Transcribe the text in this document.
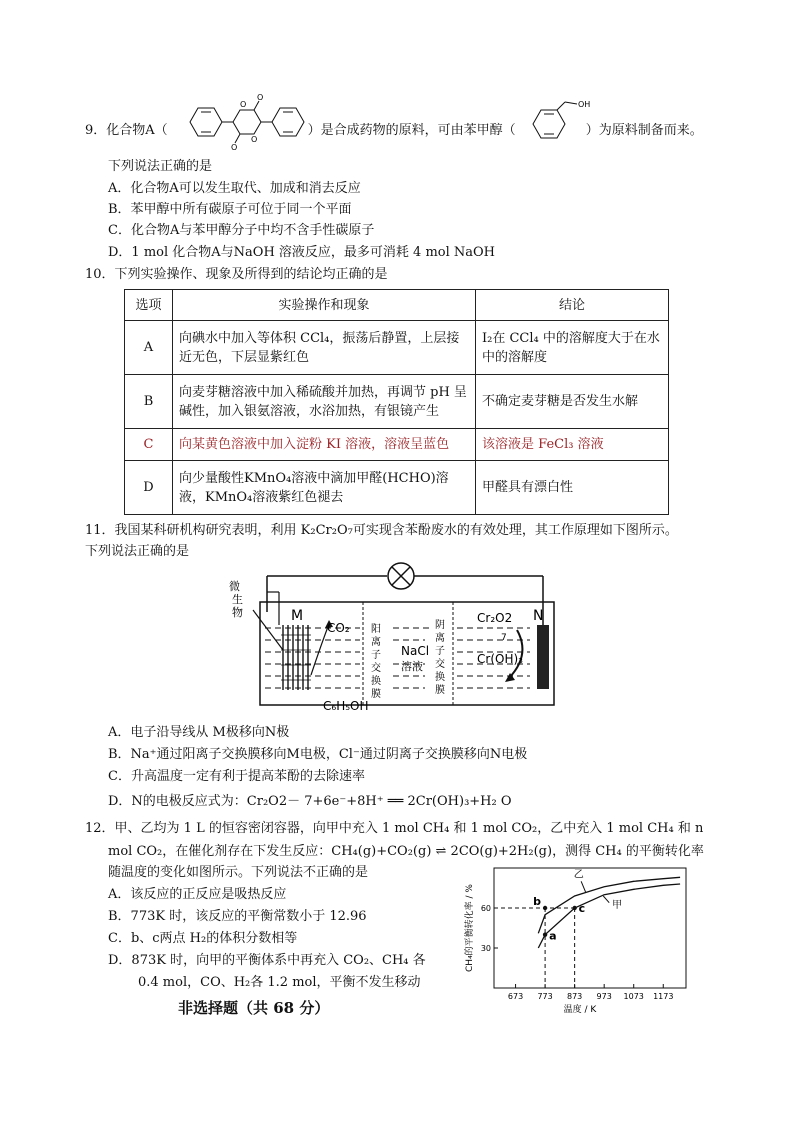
9．化合物A（	）是合成药物的原料，可由苯甲醇（	）为原料制备而来。
O
O
O
O
OH
下列说法正确的是
A．化合物A可以发生取代、加成和消去反应
B．苯甲醇中所有碳原子可位于同一个平面
C．化合物A与苯甲醇分子中均不含手性碳原子
D．1 mol 化合物A与NaOH 溶液反应，最多可消耗 4 mol NaOH
10．下列实验操作、现象及所得到的结论均正确的是
选项	实验操作和现象	结论
A	向碘水中加入等体积 CCl₄，振荡后静置，上层接近无色，下层显紫红色	I₂在 CCl₄ 中的溶解度大于在水中的溶解度
B	向麦芽糖溶液中加入稀硫酸并加热，再调节 pH 呈碱性，加入银氨溶液，水浴加热，有银镜产生	不确定麦芽糖是否发生水解
C	向某黄色溶液中加入淀粉 KI 溶液，溶液呈蓝色	该溶液是 FeCl₃ 溶液
D	向少量酸性KMnO₄溶液中滴加甲醛(HCHO)溶液，KMnO₄溶液紫红色褪去	甲醛具有漂白性
11．我国某科研机构研究表明，利用 K₂Cr₂O₇可实现含苯酚废水的有效处理，其工作原理如下图所示。
下列说法正确的是
微
生
物	M	N
CO₂
Cr₂O2
7
Cr(OH)₃
C₆H₅OH
NaCl
溶液
阳
离
子
交
换
膜
阴
离
子
交
换
膜
A．电子沿导线从 M极移向N极
B．Na⁺通过阳离子交换膜移向M电极，Cl⁻通过阴离子交换膜移向N电极
C．升高温度一定有利于提高苯酚的去除速率
D．N的电极反应式为：Cr₂O2－ 7+6e⁻+8H⁺ ══ 2Cr(OH)₃+H₂ O
12．甲、乙均为 1 L 的恒容密闭容器，向甲中充入 1 mol CH₄ 和 1 mol CO₂，乙中充入 1 mol CH₄ 和 n
mol CO₂，在催化剂存在下发生反应：CH₄(g)+CO₂(g) ⇌ 2CO(g)+2H₂(g)，测得 CH₄ 的平衡转化率
随温度的变化如图所示。下列说法不正确的是
A．该反应的正反应是吸热反应
B．773K 时，该反应的平衡常数小于 12.96
C．b、c两点 H₂的体积分数相等
D．873K 时，向甲的平衡体系中再充入 CO₂、CH₄ 各
0.4 mol，CO、H₂各 1.2 mol，平衡不发生移动
非选择题（共 68 分）
673 773 873 973 1073 1173
30
60
温度 / K
CH₄的平衡转化率 / %
乙
甲
a
b
c
